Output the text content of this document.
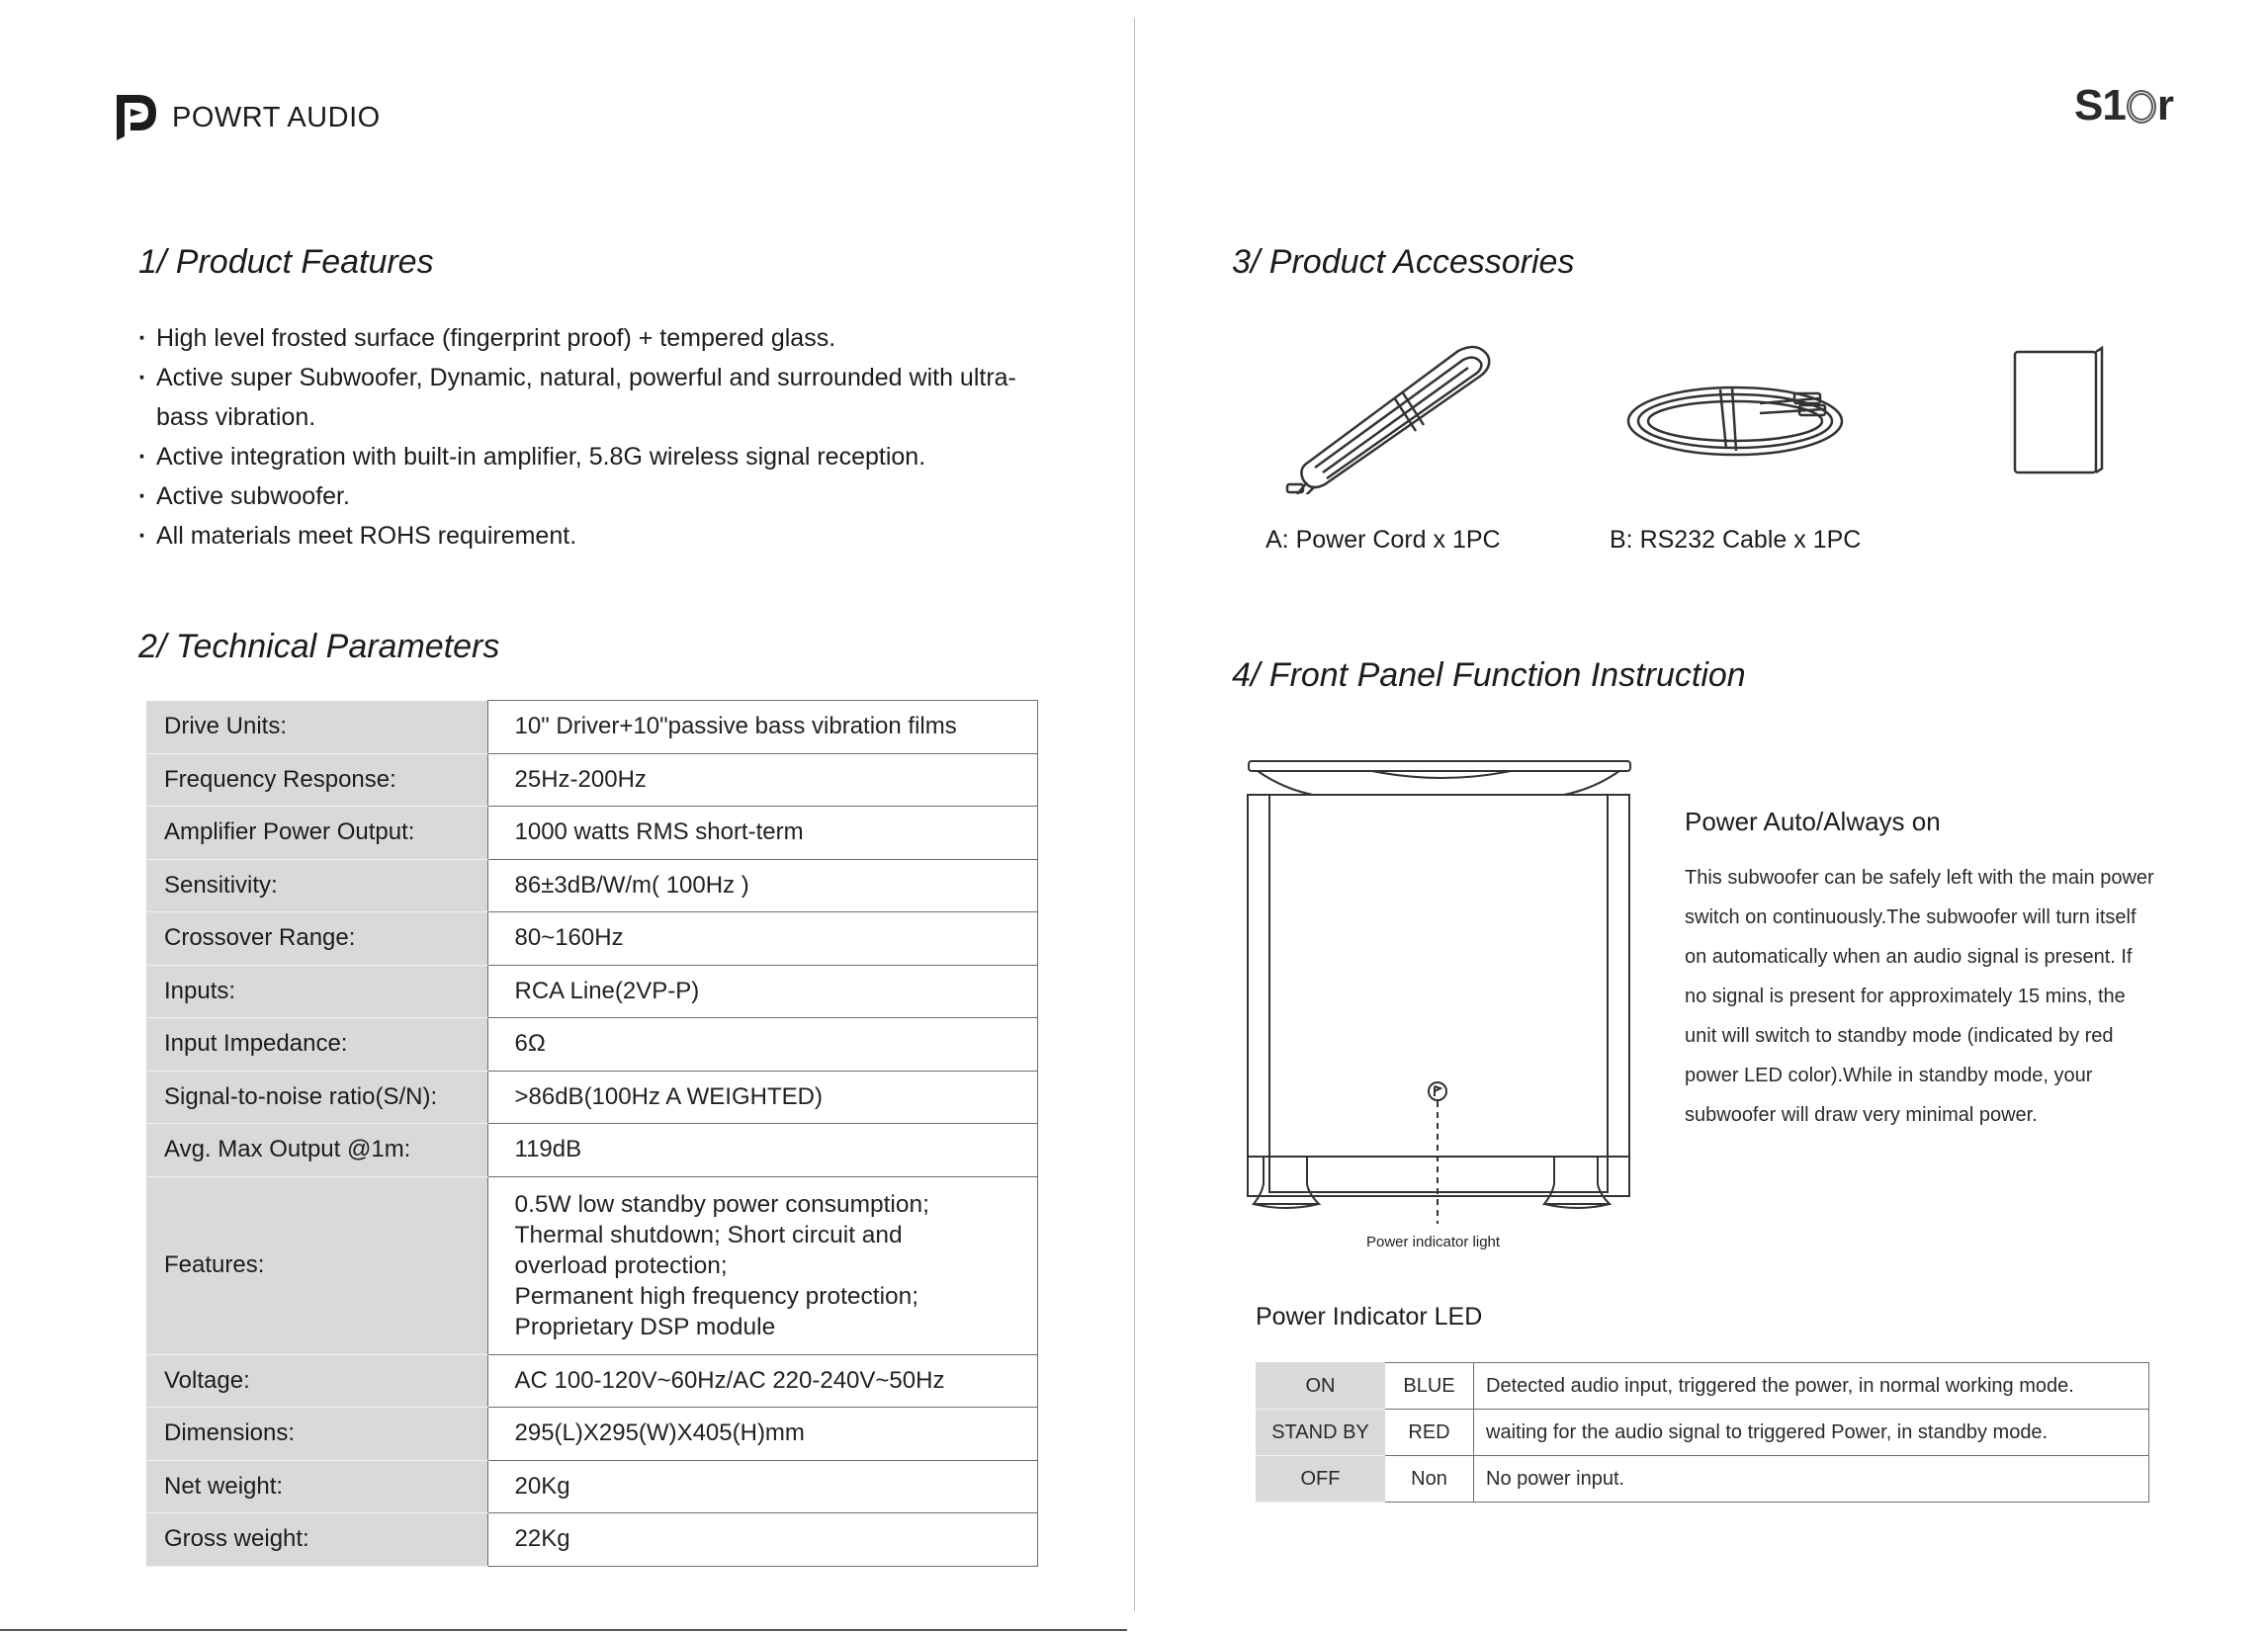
POWRT AUDIO	S1 r
1/ Product Features
· High level frosted surface (fingerprint proof) + tempered glass.
· Active super Subwoofer, Dynamic, natural, powerful and surrounded with ultra-bass vibration.
· Active integration with built-in amplifier, 5.8G wireless signal reception.
· Active subwoofer.
· All materials meet ROHS requirement.
2/ Technical Parameters
Drive Units:	10" Driver+10"passive bass vibration films
Frequency Response:	25Hz-200Hz
Amplifier Power Output:	1000 watts RMS short-term
Sensitivity:	86±3dB/W/m( 100Hz )
Crossover Range:	80~160Hz
Inputs:	RCA Line(2VP-P)
Input Impedance:	6Ω
Signal-to-noise ratio(S/N):	>86dB(100Hz A WEIGHTED)
Avg. Max Output @1m:	119dB
Features:	0.5W low standby power consumption;
Thermal shutdown; Short circuit and
overload protection;
Permanent high frequency protection;
Proprietary DSP module

Voltage:	AC 100-120V~60Hz/AC 220-240V~50Hz
Dimensions:	295(L)X295(W)X405(H)mm
Net weight:	20Kg
Gross weight:	22Kg
3/ Product Accessories
A: Power Cord x 1PC	B: RS232 Cable x 1PC
4/ Front Panel Function Instruction
Power indicator light
Power Auto/Always on
This subwoofer can be safely left with the main power switch on continuously.The subwoofer will turn itself on automatically when an audio signal is present. If no signal is present for approximately 15 mins, the unit will switch to standby mode (indicated by red power LED color).While in standby mode, your subwoofer will draw very minimal power.
Power Indicator LED
ON	BLUE	Detected audio input, triggered the power, in normal working mode.
STAND BY	RED	waiting for the audio signal to triggered Power, in standby mode.
OFF	Non	No power input.
